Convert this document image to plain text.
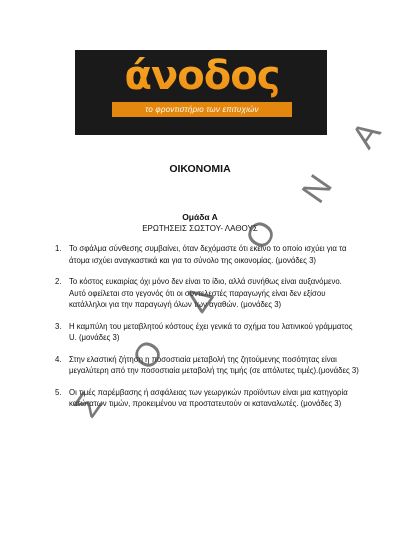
άνοδος
το φροντιστήριο των επιτυχιών
ΟΙΚΟΝΟΜΙΑ
Ομάδα Α
ΕΡΩΤΗΣΕΙΣ ΣΩΣΤΟΥ- ΛΑΘΟΥΣ
1. Το σφάλμα σύνθεσης συμβαίνει, όταν δεχόμαστε ότι εκείνο το οποίο ισχύει για τα άτομα ισχύει αναγκαστικά και για το σύνολο της οικονομίας. (μονάδες 3)
2. Το κόστος ευκαιρίας όχι μόνο δεν είναι το ίδιο, αλλά συνήθως είναι αυξανόμενο. Αυτό οφείλεται στο γεγονός ότι οι συντελεστές παραγωγής είναι δεν εξίσου κατάλληλοι για την παραγωγή όλων των αγαθών. (μονάδες 3)
3. Η καμπύλη του μεταβλητού κόστους έχει γενικά το σχήμα του λατινικού γράμματος U. (μονάδες 3)
4. Στην ελαστική ζήτηση η ποσοστιαία μεταβολή της ζητούμενης ποσότητας είναι μεγαλύτερη από την ποσοστιαία μεταβολή της τιμής (σε απόλυτες τιμές).(μονάδες 3)
5. Οι τιμές παρέμβασης ή ασφάλειας των γεωργικών προϊόντων είναι μια κατηγορία κατώτατων τιμών, προκειμένου να προστατευτούν οι καταναλωτές. (μονάδες 3)
Α
Ν
Ο
Δ
Ο
Σ
